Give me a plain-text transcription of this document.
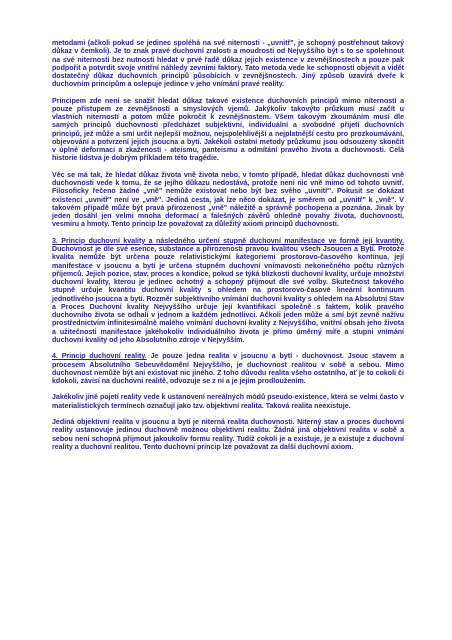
metodami (ačkoli pokud se jedinec spoléhá na své niternosti - „uvnitř", je schopný postřehnout takový důkaz v čemkoli). Je to znak pravé duchovní zralosti a moudrosti od Nejvyššího být s to se spolehnout na své niternosti bez nutnosti hledat v prvé řadě důkaz jejich existence v zevnějšnostech a pouze pak podpořit a potvrdit svoje vnitřní náhledy zevními faktory. Tato metoda vede ke schopnosti objevit a vidět dostatečný důkaz duchovních principů působících v zevnějšnostech. Jiný způsob uzavírá dveře k duchovním principům a oslepuje jedince v jeho vnímání pravé reality.

Principem zde není se snažit hledat důkaz takové existence duchovních principů mimo niterností a pouze přístupem ze zevnějšností a smyslových vjemů. Jakýkoliv takovýto průzkum musí začít u vlastních niterností a potom může pokročit k zevnějšnostem. Všem takovým zkoumáním musí dle samých principů duchovnosti předcházet subjektivní, individuální a svobodné přijetí duchovních principů, jež může a smí určit nejlepší možnou, nejspolehlivější a nejplatnější cestu pro prozkoumávání, objevování a potvrzení jejich jsoucna a bytí. Jakékoli ostatní metody průzkumu jsou odsouzeny skončit v úplné deformaci a zkaženosti - ateismu, panteismu a odmítání pravého života a duchovnosti. Celá historie lidstva je dobrým příkladem této tragédie.

Věc se má tak, že hledat důkaz života vně života nebo, v tomto případě, hledat důkaz duchovnosti vně duchovnosti vede k tomu, že se jejího důkazu nedostává, protože není nic vně mimo od tohoto uvnitř. Filosoficky řečeno žádné „vně" nemůže existovat nebo být bez svého „uvnitř". Pokusit se dokázat existenci „uvnitř" není ve „vně". Jediná cesta, jak lze něco dokázat, je směrem od „uvnitř" k „vně". V takovém případě může být pravá přirozenost „vně" náležitě a správně pochopena a poznána. Jinak by jeden dosáhl jen velmi mnoha deformací a falešných závěrů ohledně povahy života, duchovnosti, vesmíru a hmoty. Tento princip lze považovat za důležitý axiom principů duchovnosti.

3. Princip duchovní kvality a následného určení stupně duchovní manifestace ve formě její kvantity. Duchovnost je dle své esence, substance a přirozenosti pravou kvalitou všech Jsoucen a Bytí. Protože kvalita nemůže být určena pouze relativistickými kategoriemi prostorovo-časového kontinua, její manifestace v jsoucnu a bytí je určena stupněm duchovní vnímavosti nekonečného počtu různých příjemců. Jejich pozice, stav, proces a kondice, pokud se týká blízkosti duchovní kvality, určuje množství duchovní kvality, kterou je jedinec ochotný a schopný přijmout dle své volby. Skutečnost takového stupně určuje kvantitu duchovní kvality s ohledem na prostorovo-časové lineární kontinuum jednotlivého jsoucna a bytí. Rozměr subjektivního vnímání duchovní kvality s ohledem na Absolutní Stav a Proces Duchovní kvality Nejvyššího určuje její kvantifikaci společně s faktem, kolik pravého duchovního života se odhalí v jednom a každém jednotlivci. Ačkoli jeden může a smí být zevně nažívu prostřednictvím infinitesimálně malého vnímání duchovní kvality z Nejvyššího, vnitřní obsah jeho života a užitečnosti manifestace jakéhokoliv individuálního života je přímo úměrný míře a stupni vnímání duchovní kvality od jeho Absolutního zdroje v Nejvyšším.

4. Princip duchovní reality. Je pouze jedna realita v jsoucnu a bytí - duchovnost. Jsouc stavem a procesem Absolutního Sebeuvědomění Nejvyššího, je duchovnost realitou v sobě a sebou. Mimo duchovnost nemůže být ani existovat nic jiného. Z toho důvodu realita všeho ostatního, ať je to cokoli či kdokoli, závisí na duchovní realitě, odvozuje se z ní a je jejím prodloužením.

Jakékoliv jiné pojetí reality vede k ustanovení nereálných módů pseudo-existence, která se velmi často v materialistických termínech označují jako tzv. objektivní realita. Taková realita neexistuje.

Jediná objektivní realita v jsoucnu a bytí je niterná realita duchovnosti. Niterný stav a proces duchovní reality ustanovuje jedinou duchovně možnou objektivní realitu. Žádná jiná objektivní realita v sobě a sebou není schopná přijmout jakoukoliv formu reality. Tudíž cokoli je a existuje, je a existuje z duchovní reality a duchovní realitou. Tento duchovní princip lze považovat za další duchovní axiom.
